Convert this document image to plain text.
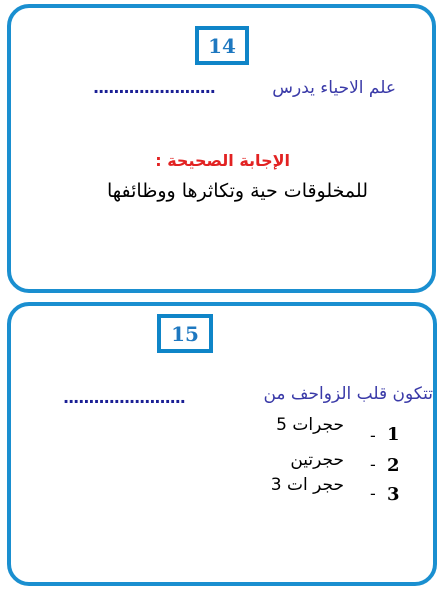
14
علم الاحياء يدرس
........................
الإجابة الصحيحة :
للمخلوقات حية وتكاثرها ووظائفها
15
تتكون قلب الزواحف من
........................
1
-
حجرات 5
2
-
حجرتين
3
-
حجر ات 3
